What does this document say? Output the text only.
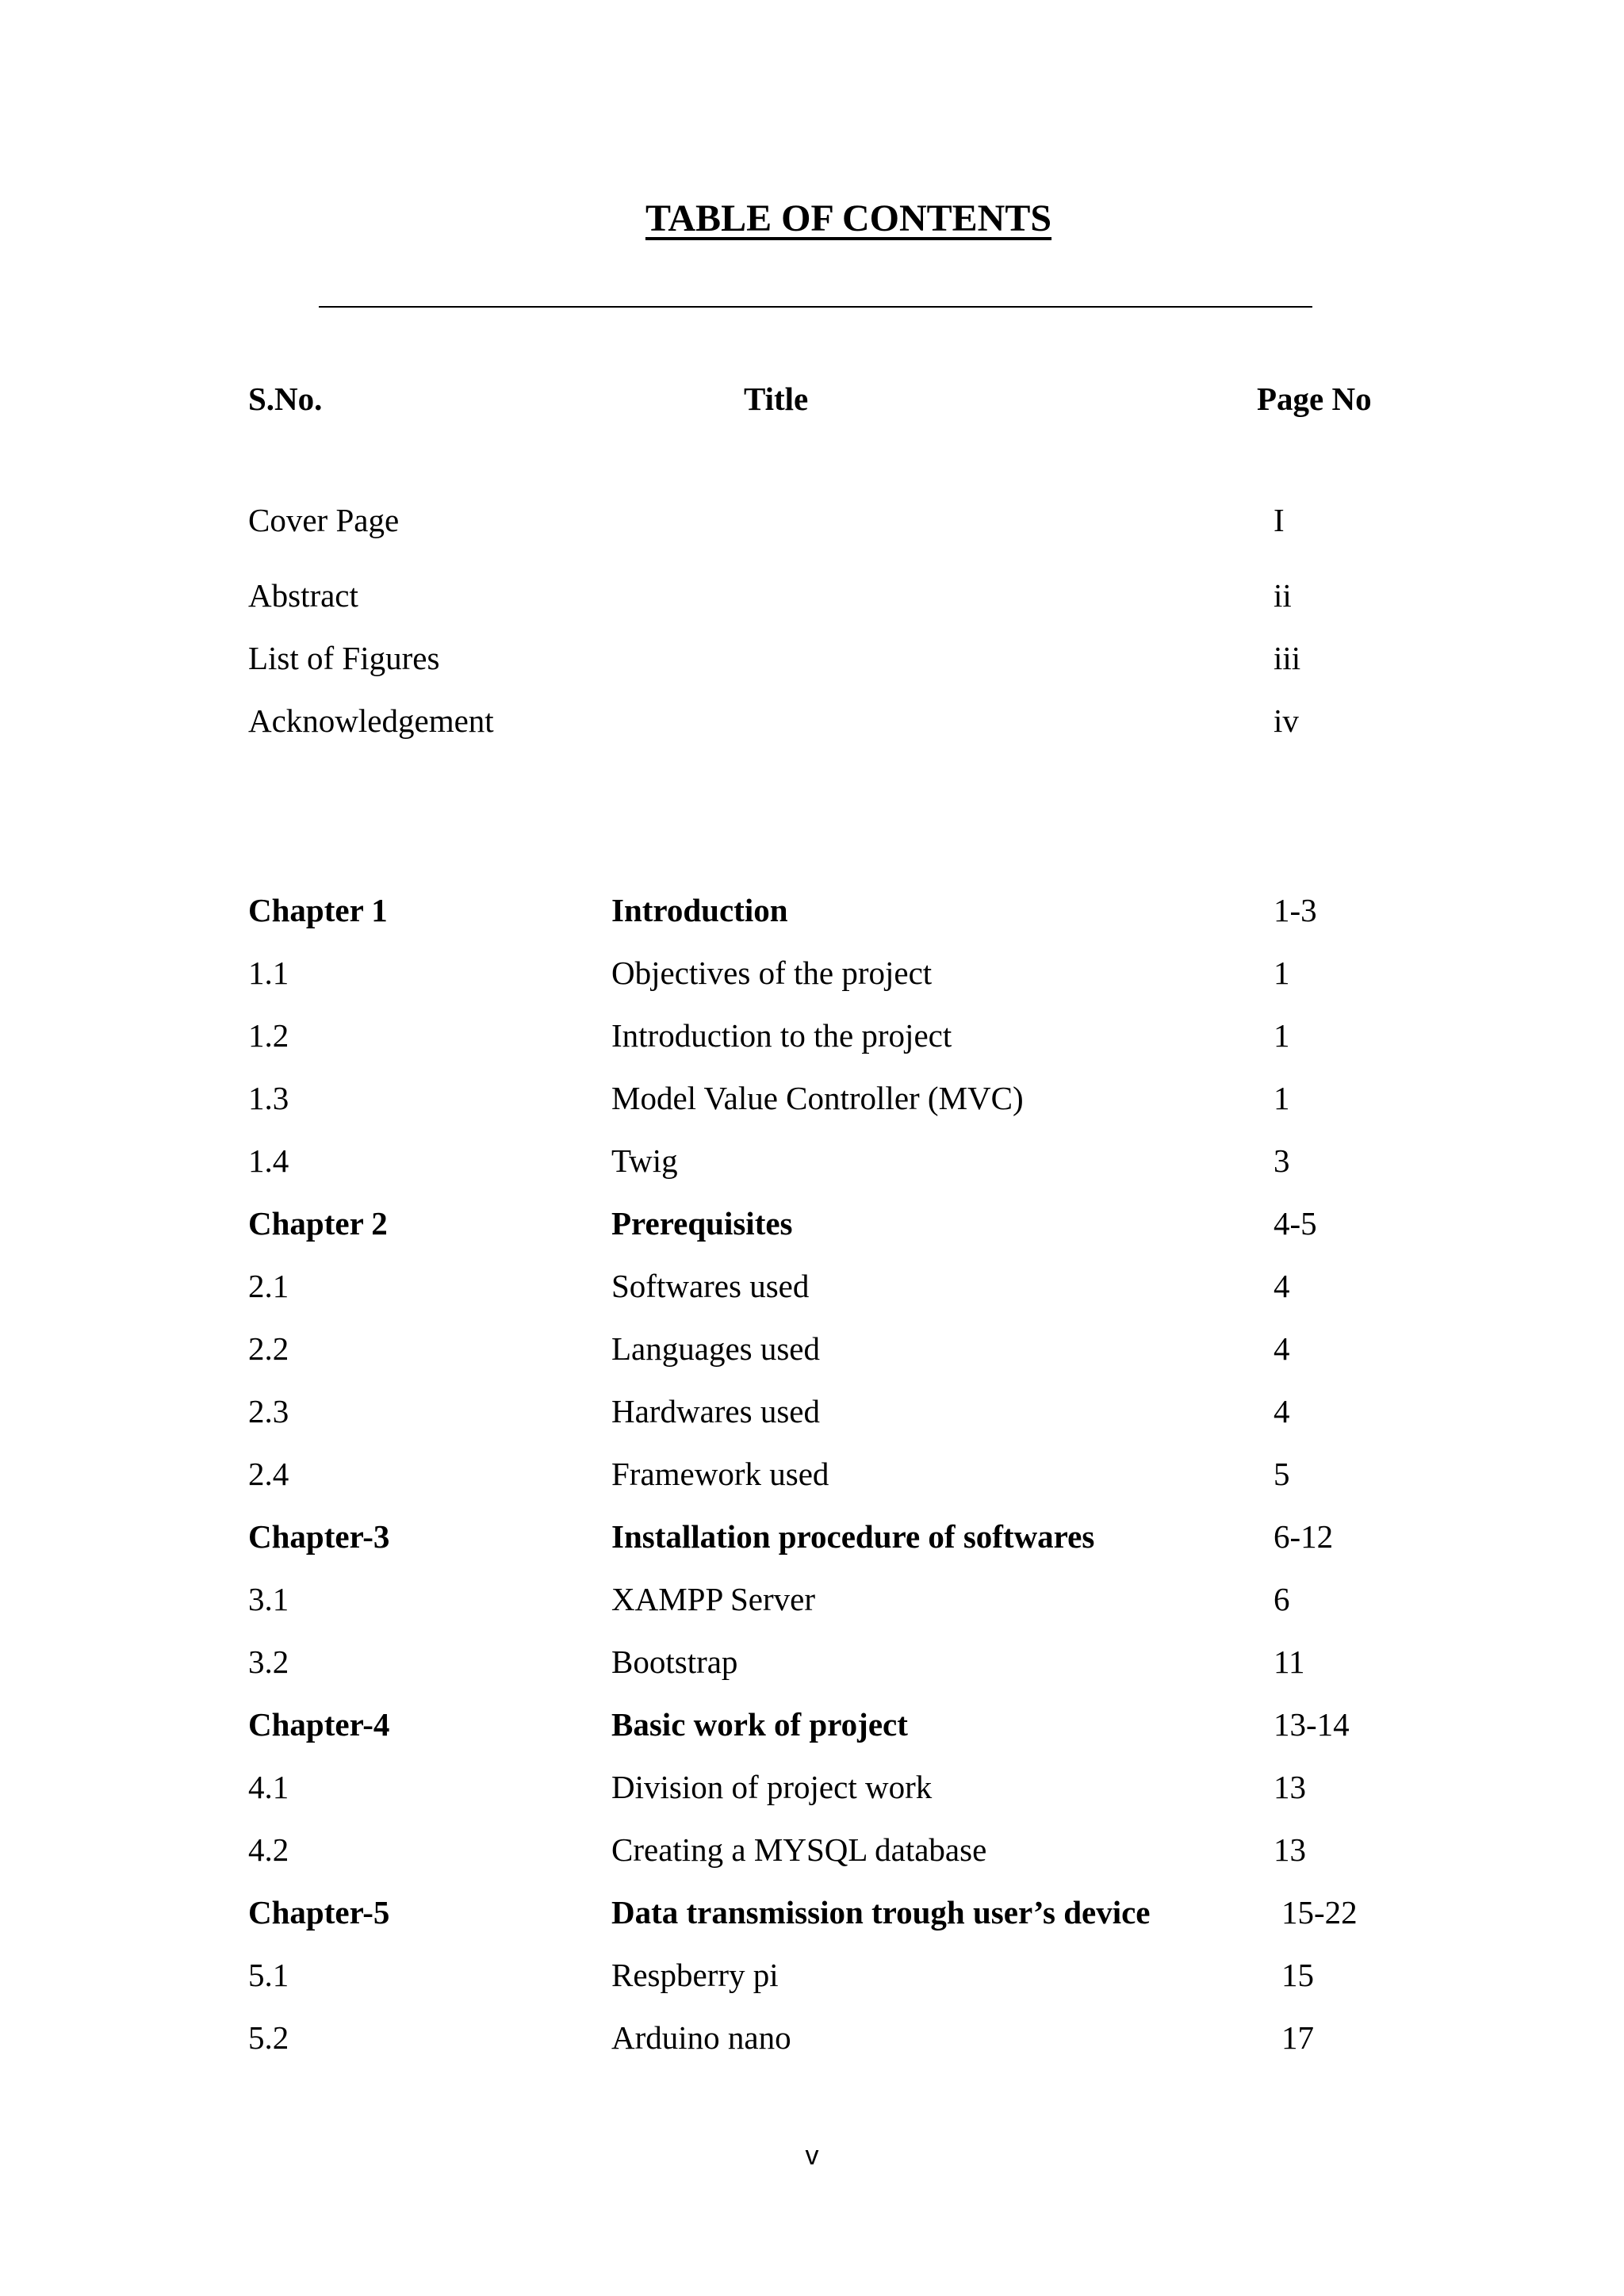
TABLE OF CONTENTS
S.No.	Title	Page No
Cover Page	I
Abstract	ii
List of Figures	iii
Acknowledgement	iv
Chapter 1	Introduction	1-3
1.1	Objectives of the project	1
1.2	Introduction to the project	1
1.3	Model Value Controller (MVC)	1
1.4	Twig	3
Chapter 2	Prerequisites	4-5
2.1	Softwares used	4
2.2	Languages used	4
2.3	Hardwares used	4
2.4	Framework used	5
Chapter-3	Installation procedure of softwares	6-12
3.1	XAMPP Server	6
3.2	Bootstrap	11
Chapter-4	Basic work of project	13-14
4.1	Division of project work	13
4.2	Creating a MYSQL database	13
Chapter-5	Data transmission trough user’s device	15-22
5.1	Respberry pi	15
5.2	Arduino nano	17
v
